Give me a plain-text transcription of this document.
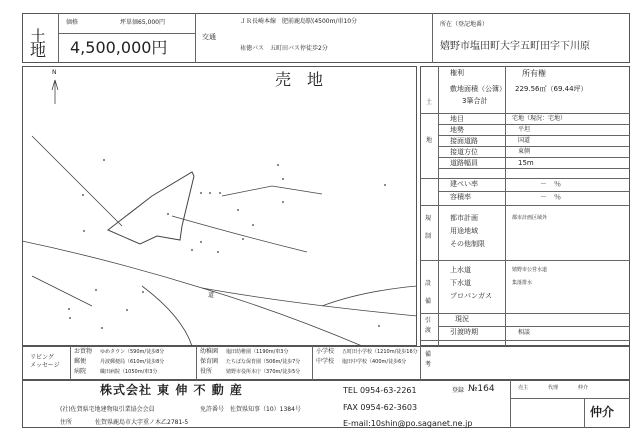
土地
価格	坪単価65,000円
4,500,000円
交通
ＪＲ長崎本線　肥前鹿島駅(4500m/車10分
祐徳バス　五町田バス停徒歩2分
所在（登記地番）
嬉野市塩田町大字五町田字下川原
売　地
N
道
土
地
規制
設備
引渡
権利	所有権
敷地面積（公簿）
3筆合計
229.56㎡（69.44坪）
地目	宅地（現況：宅地）
地勢	平坦
接面道路	国道
接道方位	東側
道路幅員	15m
建ぺい率	－　％
容積率	－　％
都市計画	都市計画区域外
用途地域
その他制限
上水道	嬉野市公営水道
下水道	集落排水
プロパンガス
現況
引渡時期	相談
リビング
メッセージ
お買物 ゆめタウン（590m/徒歩8分
郵便	丹波郵便局（610m/徒歩8分
病院	織田病院（1050m/車3分
幼稚園 塩田幼稚園（1190m/車3分
保育園 たちばな保育園（506m/徒歩7分
役所	嬉野市役所本庁（370m/徒歩5分
小学校 五町田小学校（1210m/徒歩16分
中学校 塩田中学校（400m/徒歩6分
備考
株式会社 東 伸 不 動 産
(社)佐賀県宅地建物取引業協会会員	免許番号　佐賀県知事（10）1384号
住所	佐賀県鹿島市大字重ノ木乙2781-5
TEL 0954-63-2261
FAX 0954-62-3603
E-mail:10shin@po.saganet.ne.jp
登録 №164	売主	代理	仲介
仲介
